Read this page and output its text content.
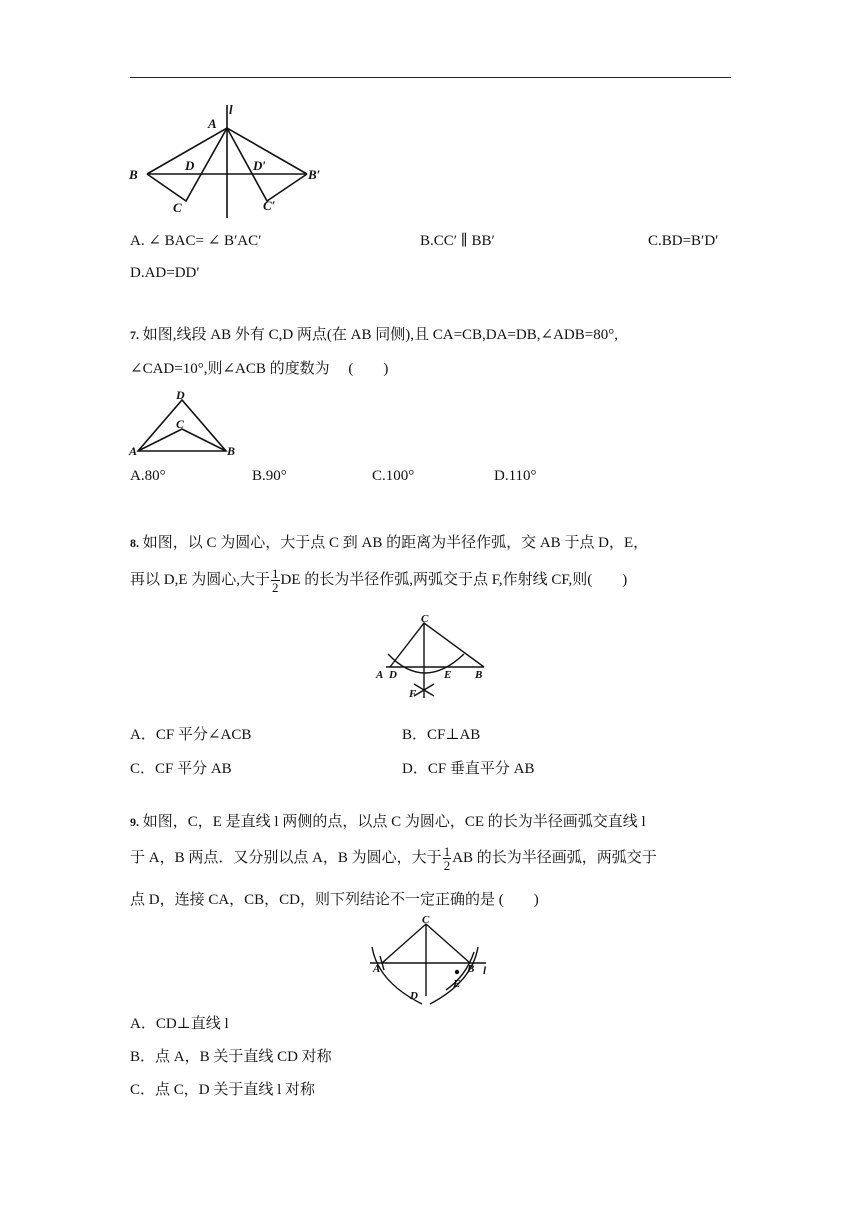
l
A
B
D	D′
B′
C	C′
A. ∠ BAC= ∠ B′AC′	B.CC′ ∥ BB′	C.BD=B′D′
D.AD=DD′
7. 如图,线段 AB 外有 C,D 两点(在 AB 同侧),且 CA=CB,DA=DB,∠ADB=80°,
∠CAD=10°,则∠ACB 的度数为　 (　　)
D
C
A	B
A.80°	B.90°	C.100°	D.110°
8. 如图，以 C 为圆心，大于点 C 到 AB 的距离为半径作弧，交 AB 于点 D，E，
再以 D,E 为圆心,大于 $\frac{1}{2}$ DE 的长为半径作弧,两弧交于点 F,作射线 CF,则(　　)
C
A D	E B
F
A．CF 平分∠ACB	B．CF⊥AB
C．CF 平分 AB	D．CF 垂直平分 AB
9. 如图，C，E 是直线 l 两侧的点，以点 C 为圆心，CE 的长为半径画弧交直线 l
于 A，B 两点．又分别以点 A，B 为圆心，大于 $\frac{1}{2}$ AB 的长为半径画弧，两弧交于
点 D，连接 CA，CB，CD，则下列结论不一定正确的是 (　　)
C
A	B l
E
D
A．CD⊥直线 l
B．点 A，B 关于直线 CD 对称
C．点 C，D 关于直线 l 对称
